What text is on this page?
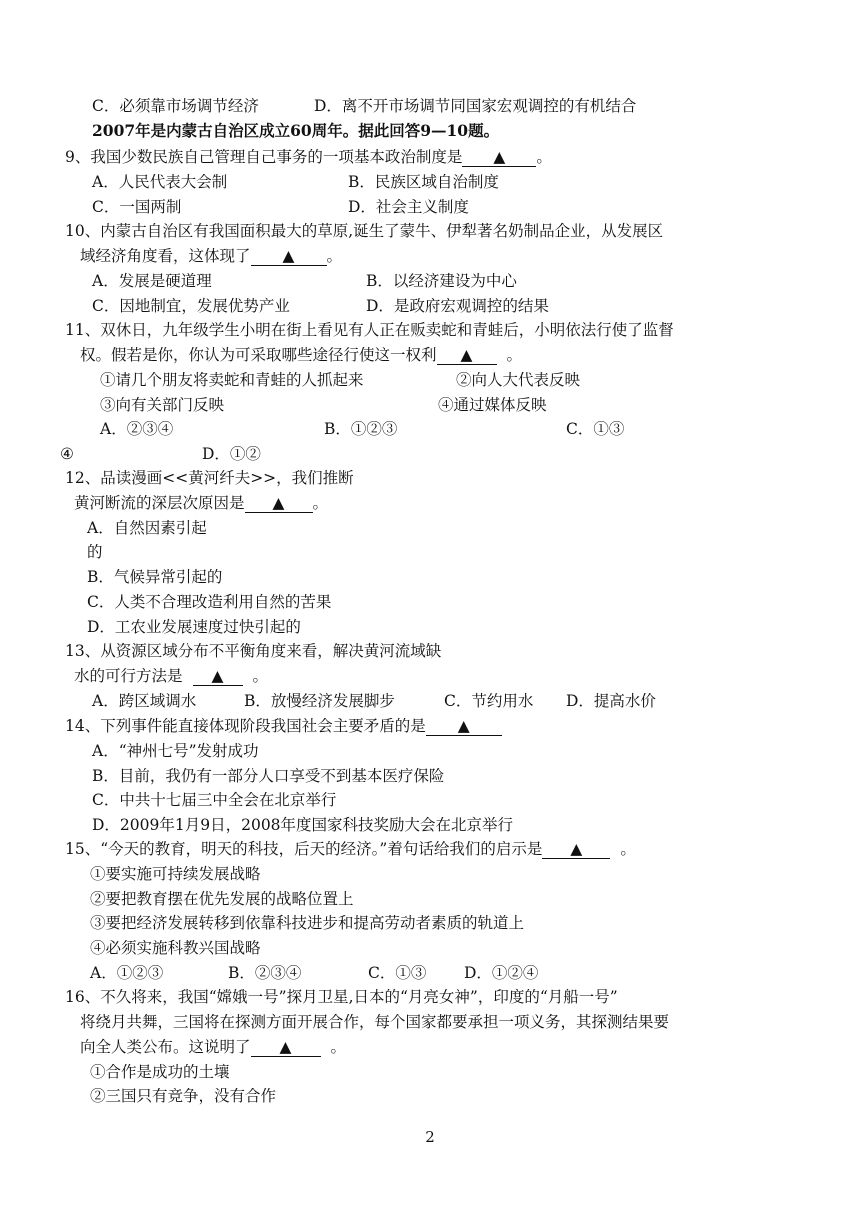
C．必须靠市场调节经济	D．离不开市场调节同国家宏观调控的有机结合
2007年是内蒙古自治区成立60周年。据此回答9—10题。
9、我国少数民族自己管理自己事务的一项基本政治制度是 ▲ 。
A．人民代表大会制	B．民族区域自治制度
C．一国两制	D．社会主义制度
10、内蒙古自治区有我国面积最大的草原,诞生了蒙牛、伊犁著名奶制品企业，从发展区
域经济角度看，这体现了 ▲ 。
A．发展是硬道理	B．以经济建设为中心
C．因地制宜，发展优势产业	D．是政府宏观调控的结果
11、双休日，九年级学生小明在街上看见有人正在贩卖蛇和青蛙后，小明依法行使了监督
权。假若是你，你认为可采取哪些途径行使这一权利 ▲ 。
①请几个朋友将卖蛇和青蛙的人抓起来	②向人大代表反映
③向有关部门反映	④通过媒体反映
A．②③④	B．①②③	C．①③
④	D．①②
12、品读漫画<<黄河纤夫>>，我们推断
黄河断流的深层次原因是 ▲ 。
A．自然因素引起
的
B．气候异常引起的
C．人类不合理改造利用自然的苦果
D．工农业发展速度过快引起的
13、从资源区域分布不平衡角度来看，解决黄河流域缺
水的可行方法是 ▲ 。
A．跨区域调水	B．放慢经济发展脚步	C．节约用水 D．提高水价
14、下列事件能直接体现阶段我国社会主要矛盾的是 ▲
A．“神州七号”发射成功
B．目前，我仍有一部分人口享受不到基本医疗保险
C．中共十七届三中全会在北京举行
D．2009年1月9日，2008年度国家科技奖励大会在北京举行
15、“今天的教育，明天的科技，后天的经济。”着句话给我们的启示是 ▲ 。
①要实施可持续发展战略
②要把教育摆在优先发展的战略位置上
③要把经济发展转移到依靠科技进步和提高劳动者素质的轨道上
④必须实施科教兴国战略
A．①②③	B．②③④	C．①③ D．①②④
16、不久将来，我国“嫦娥一号”探月卫星,日本的“月亮女神”，印度的“月船一号”
将绕月共舞，三国将在探测方面开展合作，每个国家都要承担一项义务，其探测结果要
向全人类公布。这说明了 ▲	。
①合作是成功的土壤
②三国只有竞争，没有合作
2
